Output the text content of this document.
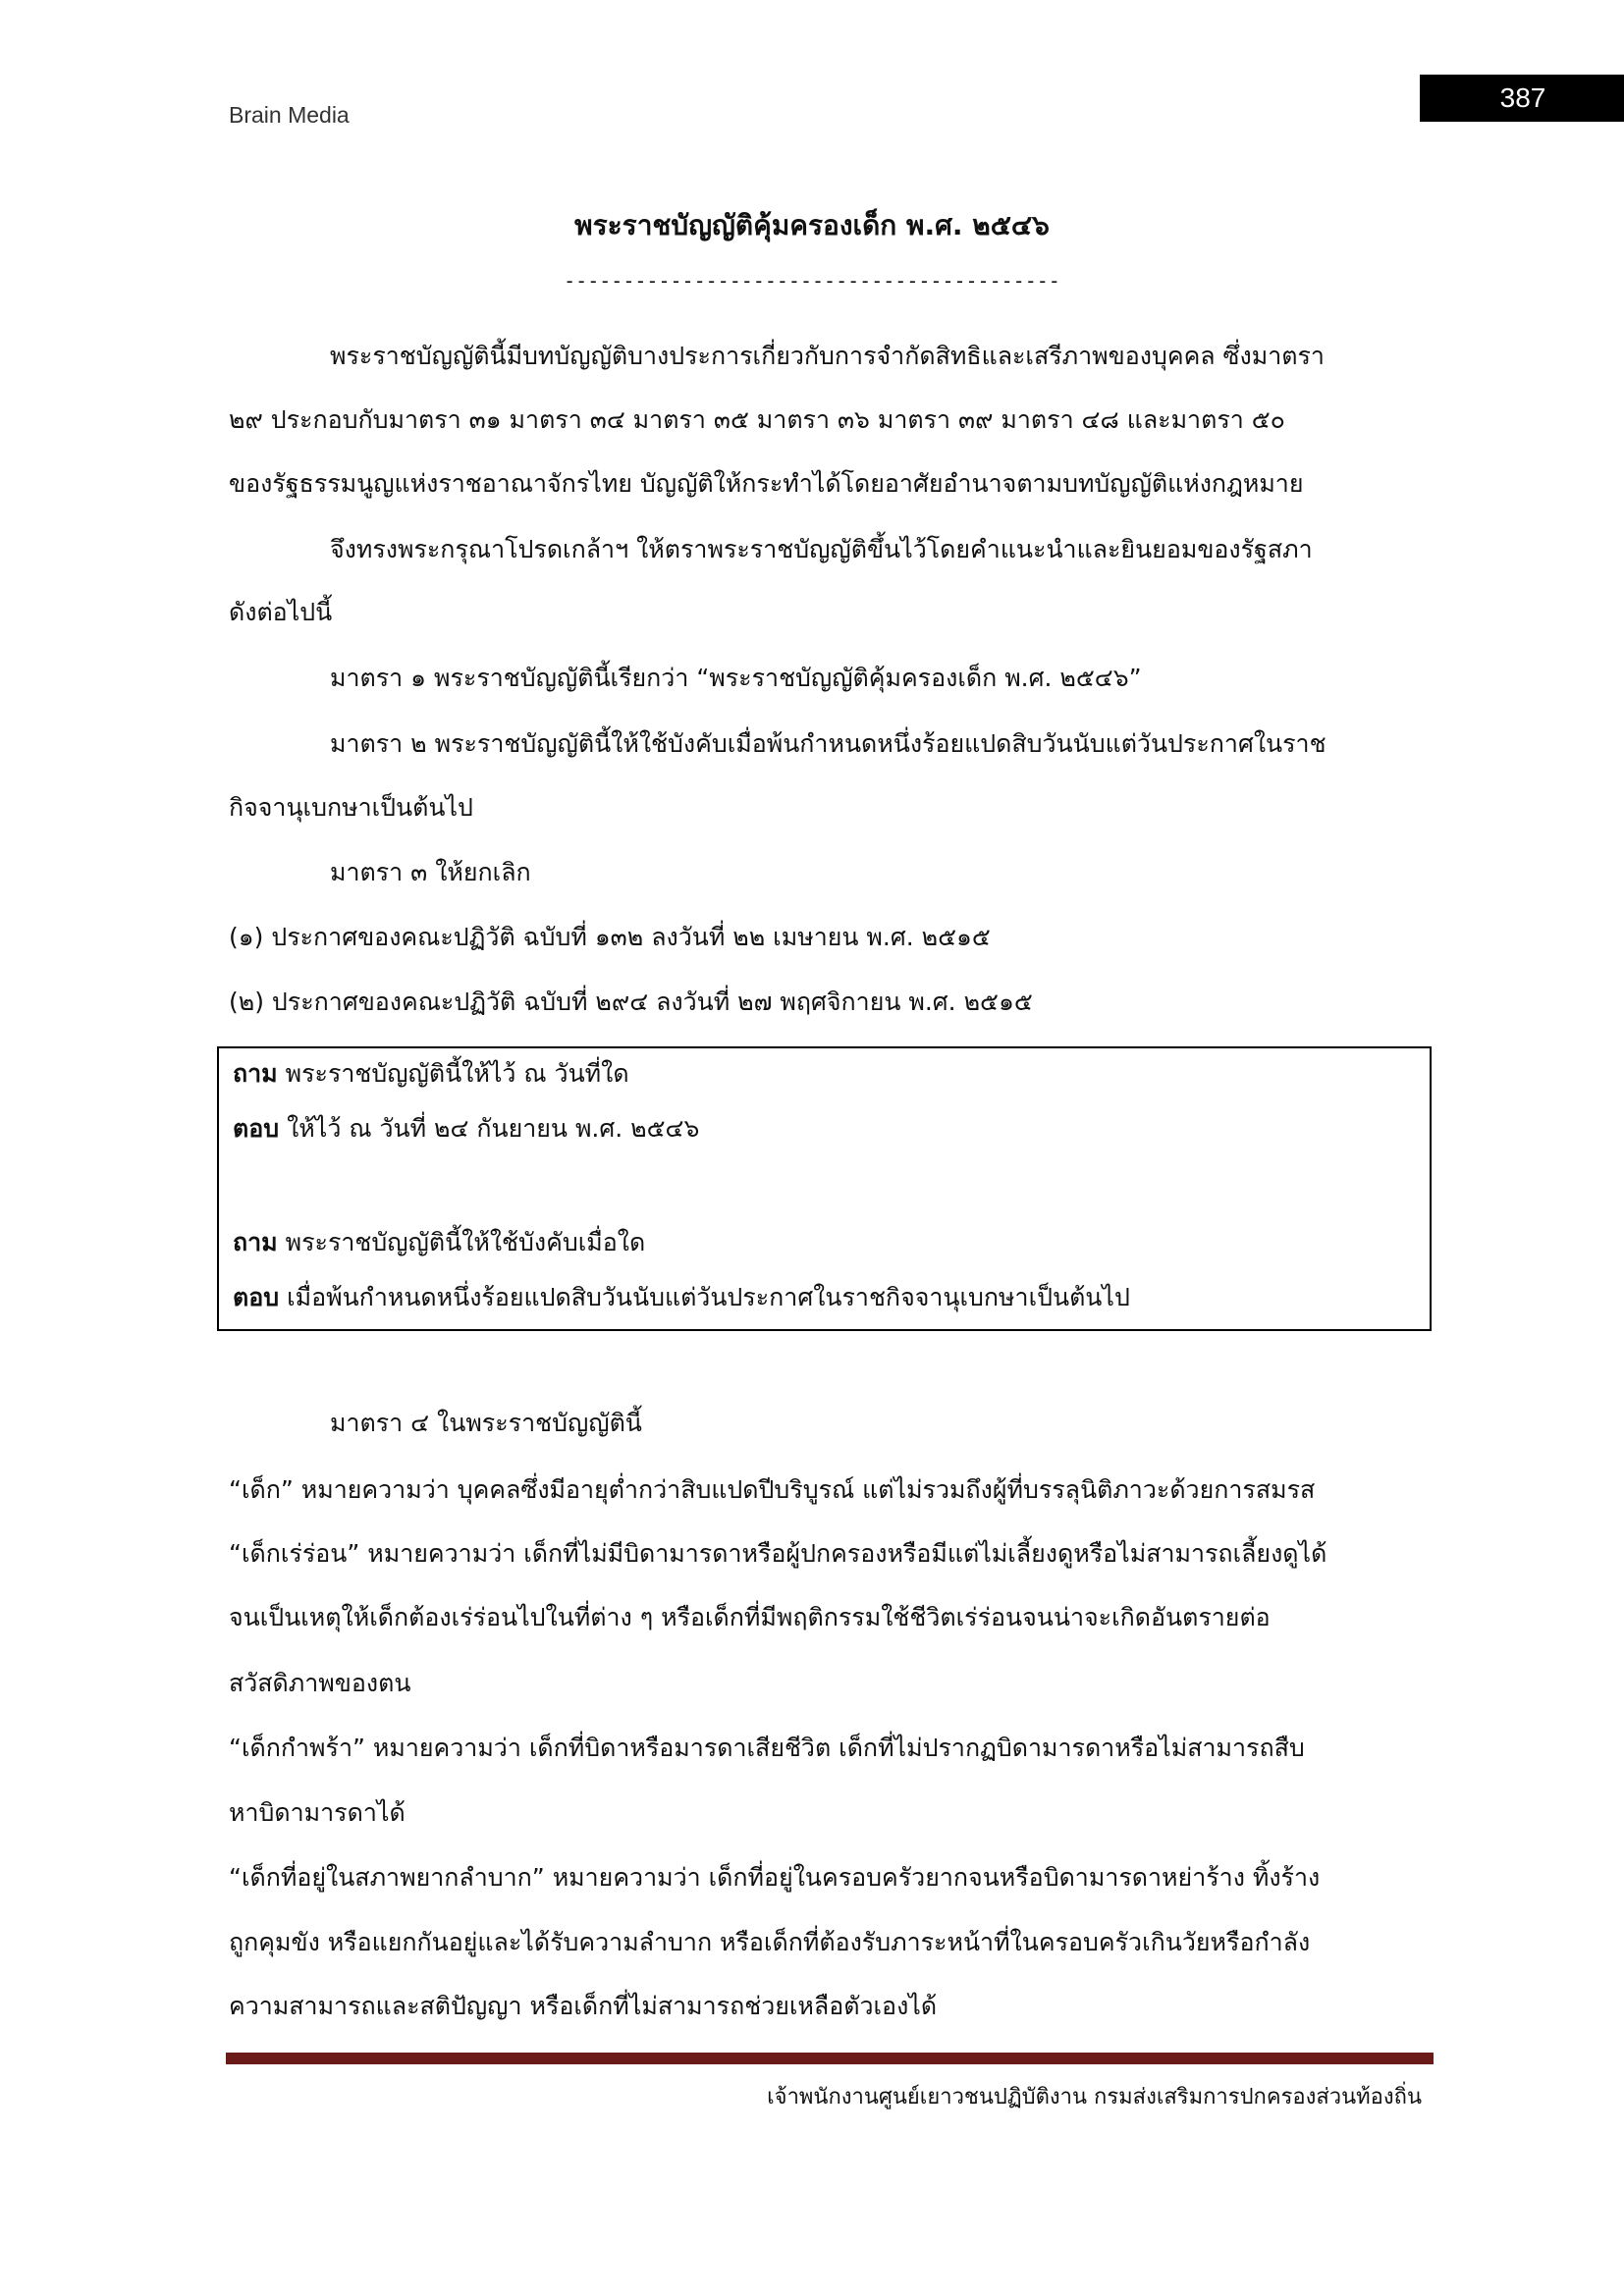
Brain Media
387
พระราชบัญญัติคุ้มครองเด็ก พ.ศ. ๒๕๔๖
------------------------------------------
พระราชบัญญัตินี้มีบทบัญญัติบางประการเกี่ยวกับการจำกัดสิทธิและเสรีภาพของบุคคล ซึ่งมาตรา
๒๙ ประกอบกับมาตรา ๓๑ มาตรา ๓๔ มาตรา ๓๕ มาตรา ๓๖ มาตรา ๓๙ มาตรา ๔๘ และมาตรา ๕๐
ของรัฐธรรมนูญแห่งราชอาณาจักรไทย บัญญัติให้กระทำได้โดยอาศัยอำนาจตามบทบัญญัติแห่งกฎหมาย
จึงทรงพระกรุณาโปรดเกล้าฯ ให้ตราพระราชบัญญัติขึ้นไว้โดยคำแนะนำและยินยอมของรัฐสภา
ดังต่อไปนี้
มาตรา ๑ พระราชบัญญัตินี้เรียกว่า “พระราชบัญญัติคุ้มครองเด็ก พ.ศ. ๒๕๔๖”
มาตรา ๒ พระราชบัญญัตินี้ให้ใช้บังคับเมื่อพ้นกำหนดหนึ่งร้อยแปดสิบวันนับแต่วันประกาศในราช
กิจจานุเบกษาเป็นต้นไป
มาตรา ๓ ให้ยกเลิก
(๑) ประกาศของคณะปฏิวัติ ฉบับที่ ๑๓๒ ลงวันที่ ๒๒ เมษายน พ.ศ. ๒๕๑๕
(๒) ประกาศของคณะปฏิวัติ ฉบับที่ ๒๙๔ ลงวันที่ ๒๗ พฤศจิกายน พ.ศ. ๒๕๑๕
ถาม พระราชบัญญัตินี้ให้ไว้ ณ วันที่ใด
ตอบ ให้ไว้ ณ วันที่ ๒๔ กันยายน พ.ศ. ๒๕๔๖
ถาม พระราชบัญญัตินี้ให้ใช้บังคับเมื่อใด
ตอบ เมื่อพ้นกำหนดหนึ่งร้อยแปดสิบวันนับแต่วันประกาศในราชกิจจานุเบกษาเป็นต้นไป
มาตรา ๔ ในพระราชบัญญัตินี้
“เด็ก” หมายความว่า บุคคลซึ่งมีอายุต่ำกว่าสิบแปดปีบริบูรณ์ แต่ไม่รวมถึงผู้ที่บรรลุนิติภาวะด้วยการสมรส
“เด็กเร่ร่อน” หมายความว่า เด็กที่ไม่มีบิดามารดาหรือผู้ปกครองหรือมีแต่ไม่เลี้ยงดูหรือไม่สามารถเลี้ยงดูได้
จนเป็นเหตุให้เด็กต้องเร่ร่อนไปในที่ต่าง ๆ หรือเด็กที่มีพฤติกรรมใช้ชีวิตเร่ร่อนจนน่าจะเกิดอันตรายต่อ
สวัสดิภาพของตน
“เด็กกำพร้า” หมายความว่า เด็กที่บิดาหรือมารดาเสียชีวิต เด็กที่ไม่ปรากฏบิดามารดาหรือไม่สามารถสืบ
หาบิดามารดาได้
“เด็กที่อยู่ในสภาพยากลำบาก” หมายความว่า เด็กที่อยู่ในครอบครัวยากจนหรือบิดามารดาหย่าร้าง ทิ้งร้าง
ถูกคุมขัง หรือแยกกันอยู่และได้รับความลำบาก หรือเด็กที่ต้องรับภาระหน้าที่ในครอบครัวเกินวัยหรือกำลัง
ความสามารถและสติปัญญา หรือเด็กที่ไม่สามารถช่วยเหลือตัวเองได้
เจ้าพนักงานศูนย์เยาวชนปฏิบัติงาน กรมส่งเสริมการปกครองส่วนท้องถิ่น
